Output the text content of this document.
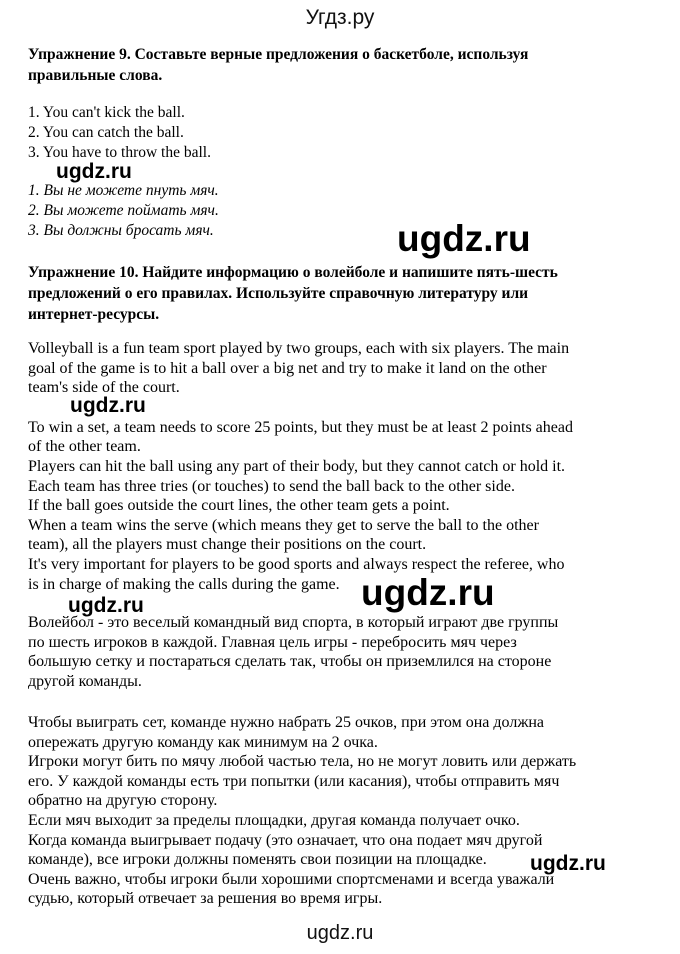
Угдз.ру
Упражнение 9. Составьте верные предложения о баскетболе, используя
правильные слова.
1. You can't kick the ball.
2. You can catch the ball.
3. You have to throw the ball.
1. Вы не можете пнуть мяч.
2. Вы можете поймать мяч.
3. Вы должны бросать мяч.
Упражнение 10. Найдите информацию о волейболе и напишите пять-шесть
предложений о его правилах. Используйте справочную литературу или
интернет-ресурсы.
Volleyball is a fun team sport played by two groups, each with six players. The main
goal of the game is to hit a ball over a big net and try to make it land on the other
team's side of the court.
To win a set, a team needs to score 25 points, but they must be at least 2 points ahead
of the other team.
Players can hit the ball using any part of their body, but they cannot catch or hold it.
Each team has three tries (or touches) to send the ball back to the other side.
If the ball goes outside the court lines, the other team gets a point.
When a team wins the serve (which means they get to serve the ball to the other
team), all the players must change their positions on the court.
It's very important for players to be good sports and always respect the referee, who
is in charge of making the calls during the game.
Волейбол - это веселый командный вид спорта, в который играют две группы
по шесть игроков в каждой. Главная цель игры - перебросить мяч через
большую сетку и постараться сделать так, чтобы он приземлился на стороне
другой команды.
Чтобы выиграть сет, команде нужно набрать 25 очков, при этом она должна
опережать другую команду как минимум на 2 очка.
Игроки могут бить по мячу любой частью тела, но не могут ловить или держать
его. У каждой команды есть три попытки (или касания), чтобы отправить мяч
обратно на другую сторону.
Если мяч выходит за пределы площадки, другая команда получает очко.
Когда команда выигрывает подачу (это означает, что она подает мяч другой
команде), все игроки должны поменять свои позиции на площадке.
Очень важно, чтобы игроки были хорошими спортсменами и всегда уважали
судью, который отвечает за решения во время игры.
ugdz.ru
ugdz.ru
ugdz.ru
ugdz.ru
ugdz.ru
ugdz.ru
ugdz.ru
